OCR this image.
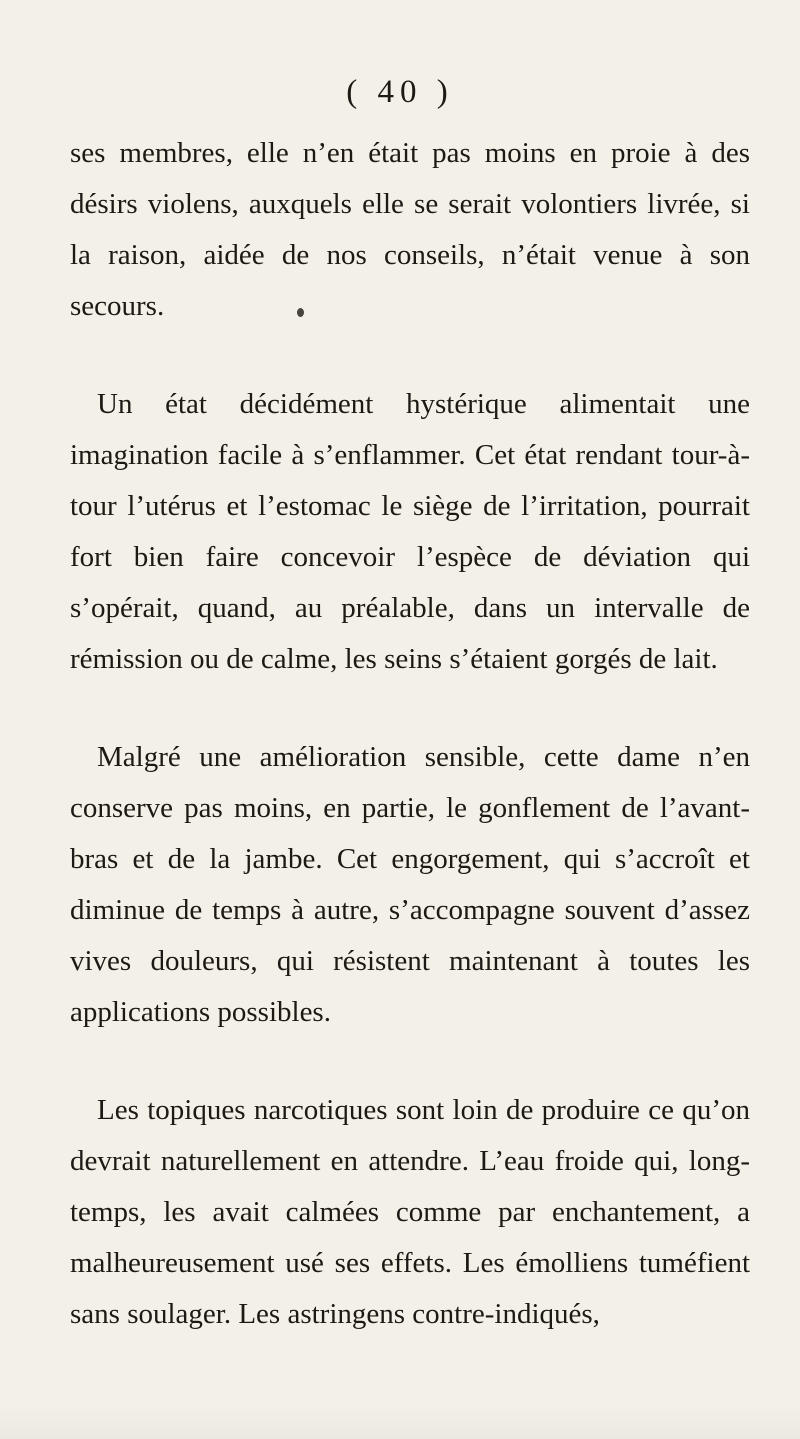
( 40 )

ses membres, elle n’en était pas moins en proie à des désirs violens, auxquels elle se serait volontiers livrée, si la raison, aidée de nos conseils, n’était venue à son secours.

Un état décidément hystérique alimentait une imagination facile à s’enflammer. Cet état rendant tour-à-tour l’utérus et l’estomac le siège de l’irritation, pourrait fort bien faire concevoir l’espèce de déviation qui s’opérait, quand, au préalable, dans un intervalle de rémission ou de calme, les seins s’étaient gorgés de lait.

Malgré une amélioration sensible, cette dame n’en conserve pas moins, en partie, le gonflement de l’avant-bras et de la jambe. Cet engorgement, qui s’accroît et diminue de temps à autre, s’accompagne souvent d’assez vives douleurs, qui résistent maintenant à toutes les applications possibles.

Les topiques narcotiques sont loin de produire ce qu’on devrait naturellement en attendre. L’eau froide qui, long-temps, les avait calmées comme par enchantement, a malheureusement usé ses effets. Les émolliens tuméfient sans soulager. Les astringens contre-indiqués,
